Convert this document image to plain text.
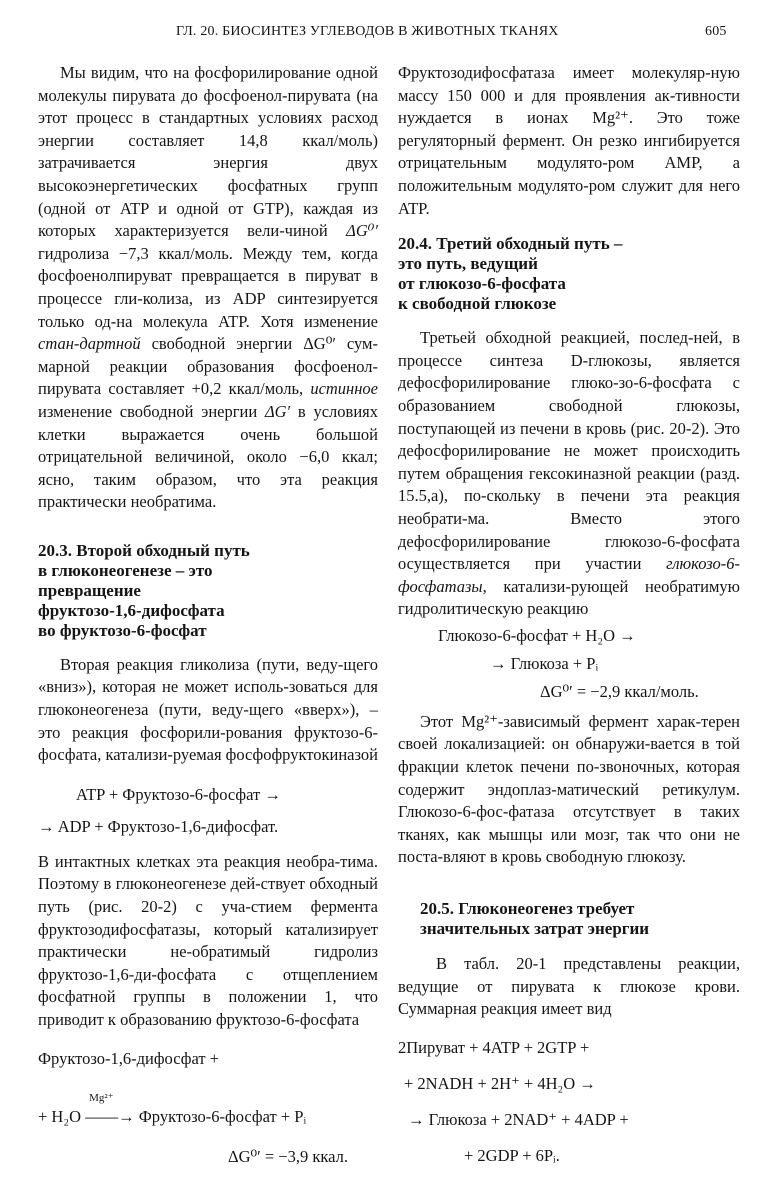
ГЛ. 20. БИОСИНТЕЗ УГЛЕВОДОВ В ЖИВОТНЫХ ТКАНЯХ	605

Мы видим, что на фосфорилирование одной молекулы пирувата до фосфоенол-пирувата (на этот процесс в стандартных условиях расход энергии составляет 14,8 ккал/моль) затрачивается энергия двух высокоэнергетических фосфатных групп (одной от ATP и одной от GTP), каждая из которых характеризуется вели-чиной ΔG⁰′ гидролиза −7,3 ккал/моль. Между тем, когда фосфоенолпируват превращается в пируват в процессе гли-колиза, из ADP синтезируется только од-на молекула ATP. Хотя изменение стан-дартной свободной энергии ΔG⁰′ сум-марной реакции образования фосфоенол-пирувата составляет +0,2 ккал/моль, истинное изменение свободной энергии ΔG′ в условиях клетки выражается очень большой отрицательной величиной, около −6,0 ккал; ясно, таким образом, что эта реакция практически необратима.

20.3. Второй обходный путь
в глюконеогенезе – это
превращение
фруктозо-1,6-дифосфата
во фруктозо-6-фосфат

Вторая реакция гликолиза (пути, веду-щего «вниз»), которая не может исполь-зоваться для глюконеогенеза (пути, веду-щего «вверх»), – это реакция фосфорили-рования фруктозо-6-фосфата, катализи-руемая фосфофруктокиназой

ATP + Фруктозо-6-фосфат →
→ ADP + Фруктозо-1,6-дифосфат.

В интактных клетках эта реакция необра-тима. Поэтому в глюконеогенезе дей-ствует обходный путь (рис. 20-2) с уча-стием фермента фруктозодифосфатазы, который катализирует практически не-обратимый гидролиз фруктозо-1,6-ди-фосфата с отщеплением фосфатной группы в положении 1, что приводит к образованию фруктозо-6-фосфата

Фруктозо-1,6-дифосфат +
+ H₂O
Mg²⁺
——→ Фруктозо-6-фосфат + Pᵢ
ΔG⁰′ = −3,9 ккал.

Фруктозодифосфатаза имеет молекуляр-ную массу 150 000 и для проявления ак-тивности нуждается в ионах Mg²⁺. Это тоже регуляторный фермент. Он резко ингибируется отрицательным модулято-ром AMP, а положительным модулято-ром служит для него ATP.

20.4. Третий обходный путь –
это путь, ведущий
от глюкозо-6-фосфата
к свободной глюкозе

Третьей обходной реакцией, послед-ней, в процессе синтеза D-глюкозы, является дефосфорилирование глюко-зо-6-фосфата с образованием свободной глюкозы, поступающей из печени в кровь (рис. 20-2). Это дефосфорилирование не может происходить путем обращения гексокиназной реакции (разд. 15.5,а), по-скольку в печени эта реакция необрати-ма. Вместо этого дефосфорилирование глюкозо-6-фосфата осуществляется при участии глюкозо-6-фосфатазы, катализи-рующей необратимую гидролитическую реакцию

Глюкозо-6-фосфат + H₂O →
→ Глюкоза + Pᵢ
ΔG⁰′ = −2,9 ккал/моль.

Этот Mg²⁺-зависимый фермент харак-терен своей локализацией: он обнаружи-вается в той фракции клеток печени по-звоночных, которая содержит эндоплаз-матический ретикулум. Глюкозо-6-фос-фатаза отсутствует в таких тканях, как мышцы или мозг, так что они не поста-вляют в кровь свободную глюкозу.

20.5. Глюконеогенез требует
значительных затрат энергии

В табл. 20-1 представлены реакции, ведущие от пирувата к глюкозе крови. Суммарная реакция имеет вид

2Пируват + 4ATP + 2GTP +
+ 2NADH + 2H⁺ + 4H₂O →
→ Глюкоза + 2NAD⁺ + 4ADP +
+ 2GDP + 6Pᵢ.
